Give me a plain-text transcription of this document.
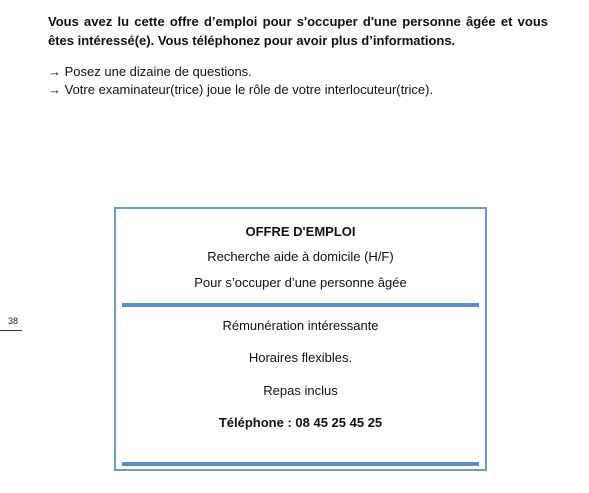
Vous avez lu cette offre d’emploi pour s'occuper d'une personne âgée et vous êtes intéressé(e). Vous téléphonez pour avoir plus d’informations.

→ Posez une dizaine de questions.
→ Votre examinateur(trice) joue le rôle de votre interlocuteur(trice).
38
OFFRE D'EMPLOI
Recherche aide à domicile (H/F)
Pour s’occuper d’une personne âgée
Rémunération intéressante
Horaires flexibles.
Repas inclus
Téléphone : 08 45 25 45 25
